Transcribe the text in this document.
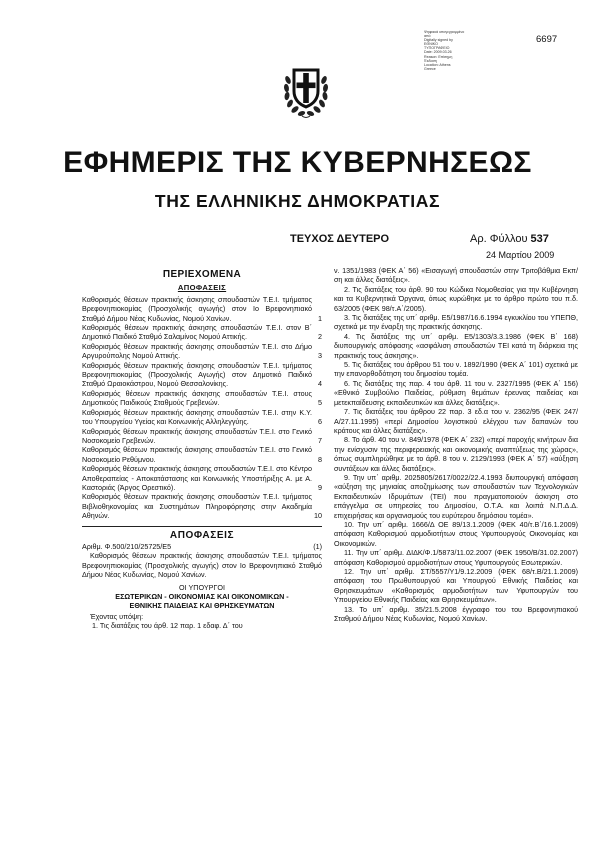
Ψηφιακά υπογεγραμμένο
από
Digitally signed by
ΕΘΝΙΚΟ
ΤΥΠΟΓΡΑΦΕΙΟ
Date: 2009.03.26
Reason: Επίσημη
Έκδοση
Location: Athens
Greece
6697
ΕΦΗΜΕΡΙΣ ΤΗΣ ΚΥΒΕΡΝΗΣΕΩΣ
ΤΗΣ ΕΛΛΗΝΙΚΗΣ ΔΗΜΟΚΡΑΤΙΑΣ
ΤΕΥΧΟΣ ΔΕΥΤΕΡΟ	Αρ. Φύλλου 537
24 Μαρτίου 2009
ΠΕΡΙΕΧΟΜΕΝΑ
ΑΠΟΦΑΣΕΙΣ
Καθορισμός θέσεων πρακτικής άσκησης σπουδαστών Τ.Ε.Ι. τμήματος Βρεφονηπιοκομίας (Προσχολικής αγωγής) στον Ιο Βρεφονηπιακό Σταθμό Δήμου Νέας Κυδωνίας, Νομού Χανίων.	1
Καθορισμός θέσεων πρακτικής άσκησης σπουδαστών Τ.Ε.Ι. στον Β΄ Δημοτικό Παιδικό Σταθμό Σαλαμίνος Νομού Αττικής.	2
Καθορισμός θέσεων πρακτικής άσκησης σπουδαστών Τ.Ε.Ι. στο Δήμο Αργυρούπολης Νομού Αττικής.	3
Καθορισμός θέσεων πρακτικής άσκησης σπουδαστών Τ.Ε.Ι. τμήματος Βρεφονηπιοκομίας (Προσχολικής Αγωγής) στον Δημοτικό Παιδικό Σταθμό Ωραιοκάστρου, Νομού Θεσσαλονίκης.	4
Καθορισμός θέσεων πρακτικής άσκησης σπουδαστών Τ.Ε.Ι. στους Δημοτικούς Παιδικούς Σταθμούς Γρεβενών.	5
Καθορισμός θέσεων πρακτικής άσκησης σπουδαστών Τ.Ε.Ι. στην Κ.Υ. του Υπουργείου Υγείας και Κοινωνικής Αλληλεγγύης.	6
Καθορισμός θέσεων πρακτικής άσκησης σπουδαστών Τ.Ε.Ι. στο Γενικό Νοσοκομείο Γρεβενών.	7
Καθορισμός θέσεων πρακτικής άσκησης σπουδαστών Τ.Ε.Ι. στο Γενικό Νοσοκομείο Ρεθύμνου.	8
Καθορισμός θέσεων πρακτικής άσκησης σπουδαστών Τ.Ε.Ι. στο Κέντρο Αποθεραπείας - Αποκατάστασης και Κοινωνικής Υποστήριξης Α. με Α. Καστοριάς (Άργος Ορεστικό).	9
Καθορισμός θέσεων πρακτικής άσκησης σπουδαστών Τ.Ε.Ι. τμήματος Βιβλιοθηκονομίας και Συστημάτων Πληροφόρησης στην Ακαδημία Αθηνών.	10
ΑΠΟΦΑΣΕΙΣ
Αριθμ. Φ.500/210/25725/Ε5	(1)
Καθορισμός θέσεων πρακτικής άσκησης σπουδαστών Τ.Ε.Ι. τμήματος Βρεφονηπιοκομίας (Προσχολικής αγωγής) στον Ιο Βρεφονηπιακό Σταθμό Δήμου Νέας Κυδωνίας, Νομού Χανίων.
ΟΙ ΥΠΟΥΡΓΟΙ
ΕΣΩΤΕΡΙΚΩΝ - ΟΙΚΟΝΟΜΙΑΣ ΚΑΙ ΟΙΚΟΝΟΜΙΚΩΝ -
ΕΘΝΙΚΗΣ ΠΑΙΔΕΙΑΣ ΚΑΙ ΘΡΗΣΚΕΥΜΑΤΩΝ
Έχοντας υπόψη:
1. Τις διατάξεις του άρθ. 12 παρ. 1 εδαφ. Δ΄ του
ν. 1351/1983 (ΦΕΚ Α΄ 56) «Εισαγωγή σπουδαστών στην Τριτοβάθμια Εκπ/ση και άλλες διατάξεις».
2. Τις διατάξεις του άρθ. 90 του Κώδικα Νομοθεσίας για την Κυβέρνηση και τα Κυβερνητικά Όργανα, όπως κυρώθηκε με το άρθρο πρώτο του π.δ. 63/2005 (ΦΕΚ 98/τ.Α΄/2005).
3. Τις διατάξεις της υπ΄ αριθμ. Ε5/1987/16.6.1994 εγκυκλίου του ΥΠΕΠΘ, σχετικά με την έναρξη της πρακτικής άσκησης.
4. Τις διατάξεις της υπ΄ αριθμ. Ε5/1303/3.3.1986 (ΦΕΚ Β΄ 168) διυπουργικής απόφασης «ασφάλιση σπουδαστών ΤΕΙ κατά τη διάρκεια της πρακτικής τους άσκησης».
5. Τις διατάξεις του άρθρου 51 του ν. 1892/1990 (ΦΕΚ Α΄ 101) σχετικά με την επανορθοδότηση του δημοσίου τομέα.
6. Τις διατάξεις της παρ. 4 του άρθ. 11 του ν. 2327/1995 (ΦΕΚ Α΄ 156) «Εθνικό Συμβούλιο Παιδείας, ρύθμιση θεμάτων έρευνας παιδείας και μετεκπαίδευσης εκπαιδευτικών και άλλες διατάξεις».
7. Τις διατάξεις του άρθρου 22 παρ. 3 εδ.α του ν. 2362/95 (ΦΕΚ 247/Α/27.11.1995) «περί Δημοσίου λογιστικού ελέγχου των δαπανών του κράτους και άλλες διατάξεις».
8. Το άρθ. 40 του ν. 849/1978 (ΦΕΚ Α΄ 232) «περί παροχής κινήτρων δια την ενίσχυσιν της περιφερειακής και οικονομικής αναπτύξεως της χώρας», όπως συμπληρώθηκε με το άρθ. 8 του ν. 2129/1993 (ΦΕΚ Α΄ 57) «αύξηση συντάξεων και άλλες διατάξεις».
9. Την υπ΄ αριθμ. 2025805/2617/0022/22.4.1993 διυπουργική απόφαση «αύξηση της μηνιαίας αποζημίωσης των σπουδαστών των Τεχνολογικών Εκπαιδευτικών Ιδρυμάτων (ΤΕΙ) που πραγματοποιούν άσκηση στο επάγγελμα σε υπηρεσίες του Δημοσίου, Ο.Τ.Α. και λοιπά Ν.Π.Δ.Δ. επιχειρήσεις και οργανισμούς του ευρύτερου δημόσιου τομέα».
10. Την υπ΄ αριθμ. 1666/Δ ΟΕ 89/13.1.2009 (ΦΕΚ 40/τ.Β΄/16.1.2009) απόφαση Καθορισμού αρμοδιοτήτων στους Υφυπουργούς Οικονομίας και Οικονομικών.
11. Την υπ΄ αριθμ. ΔΙΔΚ/Φ.1/5873/11.02.2007 (ΦΕΚ 1950/Β/31.02.2007) απόφαση Καθορισμού αρμοδιοτήτων στους Υφυπουργούς Εσωτερικών.
12. Την υπ΄ αριθμ. ΣΤ/5557/Υ1/9.12.2009 (ΦΕΚ 68/τ.Β/21.1.2009) απόφαση του Πρωθυπουργού και Υπουργού Εθνικής Παιδείας και Θρησκευμάτων «Καθορισμός αρμοδιοτήτων των Υφυπουργών του Υπουργείου Εθνικής Παιδείας και Θρησκευμάτων».
13. Το υπ΄ αριθμ. 35/21.5.2008 έγγραφο του του Βρεφονηπιακού Σταθμού Δήμου Νέας Κυδωνίας, Νομού Χανίων.
